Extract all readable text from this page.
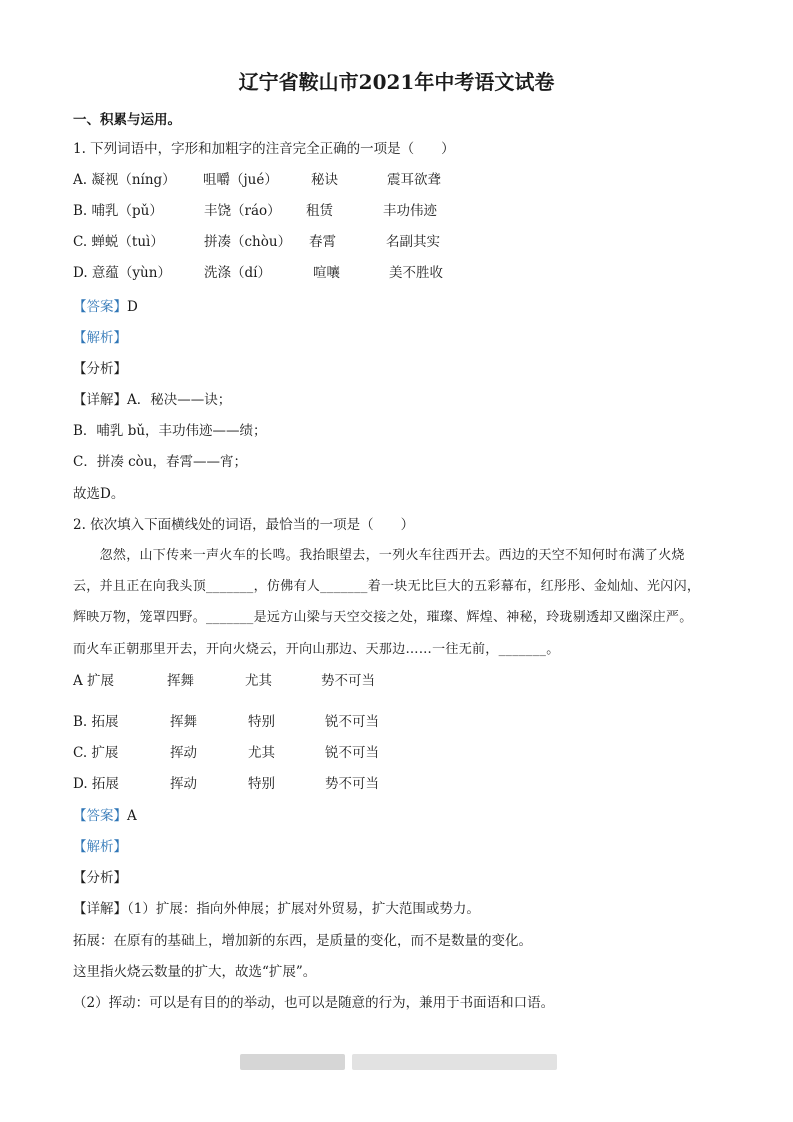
辽宁省鞍山市2021年中考语文试卷
一、积累与运用。
1. 下列词语中，字形和加粗字的注音完全正确的一项是（　　）
A. 凝视（níng） 咀嚼（jué） 秘诀	震耳欲聋
B. 哺乳（pǔ）	丰饶（ráo） 租赁	丰功伟迹
C. 蝉蜕（tuì）	拼凑（chòu） 春霄	名副其实
D. 意蕴（yùn） 洗涤（dí）	喧嚷	美不胜收
【答案】D
【解析】
【分析】
【详解】A．秘决——诀；
B．哺乳 bǔ，丰功伟迹——绩；
C．拼凑 còu，春霄——宵；
故选D。
2. 依次填入下面横线处的词语，最恰当的一项是（　　）
　　忽然，山下传来一声火车的长鸣。我抬眼望去，一列火车往西开去。西边的天空不知何时布满了火烧
云，并且正在向我头顶_______，仿佛有人_______着一块无比巨大的五彩幕布，红彤彤、金灿灿、光闪闪，
辉映万物，笼罩四野。_______是远方山梁与天空交接之处，璀璨、辉煌、神秘，玲珑剔透却又幽深庄严。
而火车正朝那里开去，开向火烧云，开向山那边、天那边……一往无前，_______。
A 扩展	挥舞	尤其	势不可当
B. 拓展	挥舞	特别	锐不可当
C. 扩展	挥动	尤其	锐不可当
D. 拓展	挥动	特别	势不可当
【答案】A
【解析】
【分析】
【详解】（1）扩展：指向外伸展；扩展对外贸易，扩大范围或势力。
拓展：在原有的基础上，增加新的东西，是质量的变化，而不是数量的变化。
这里指火烧云数量的扩大，故选“扩展”。
（2）挥动：可以是有目的的举动，也可以是随意的行为，兼用于书面语和口语。
